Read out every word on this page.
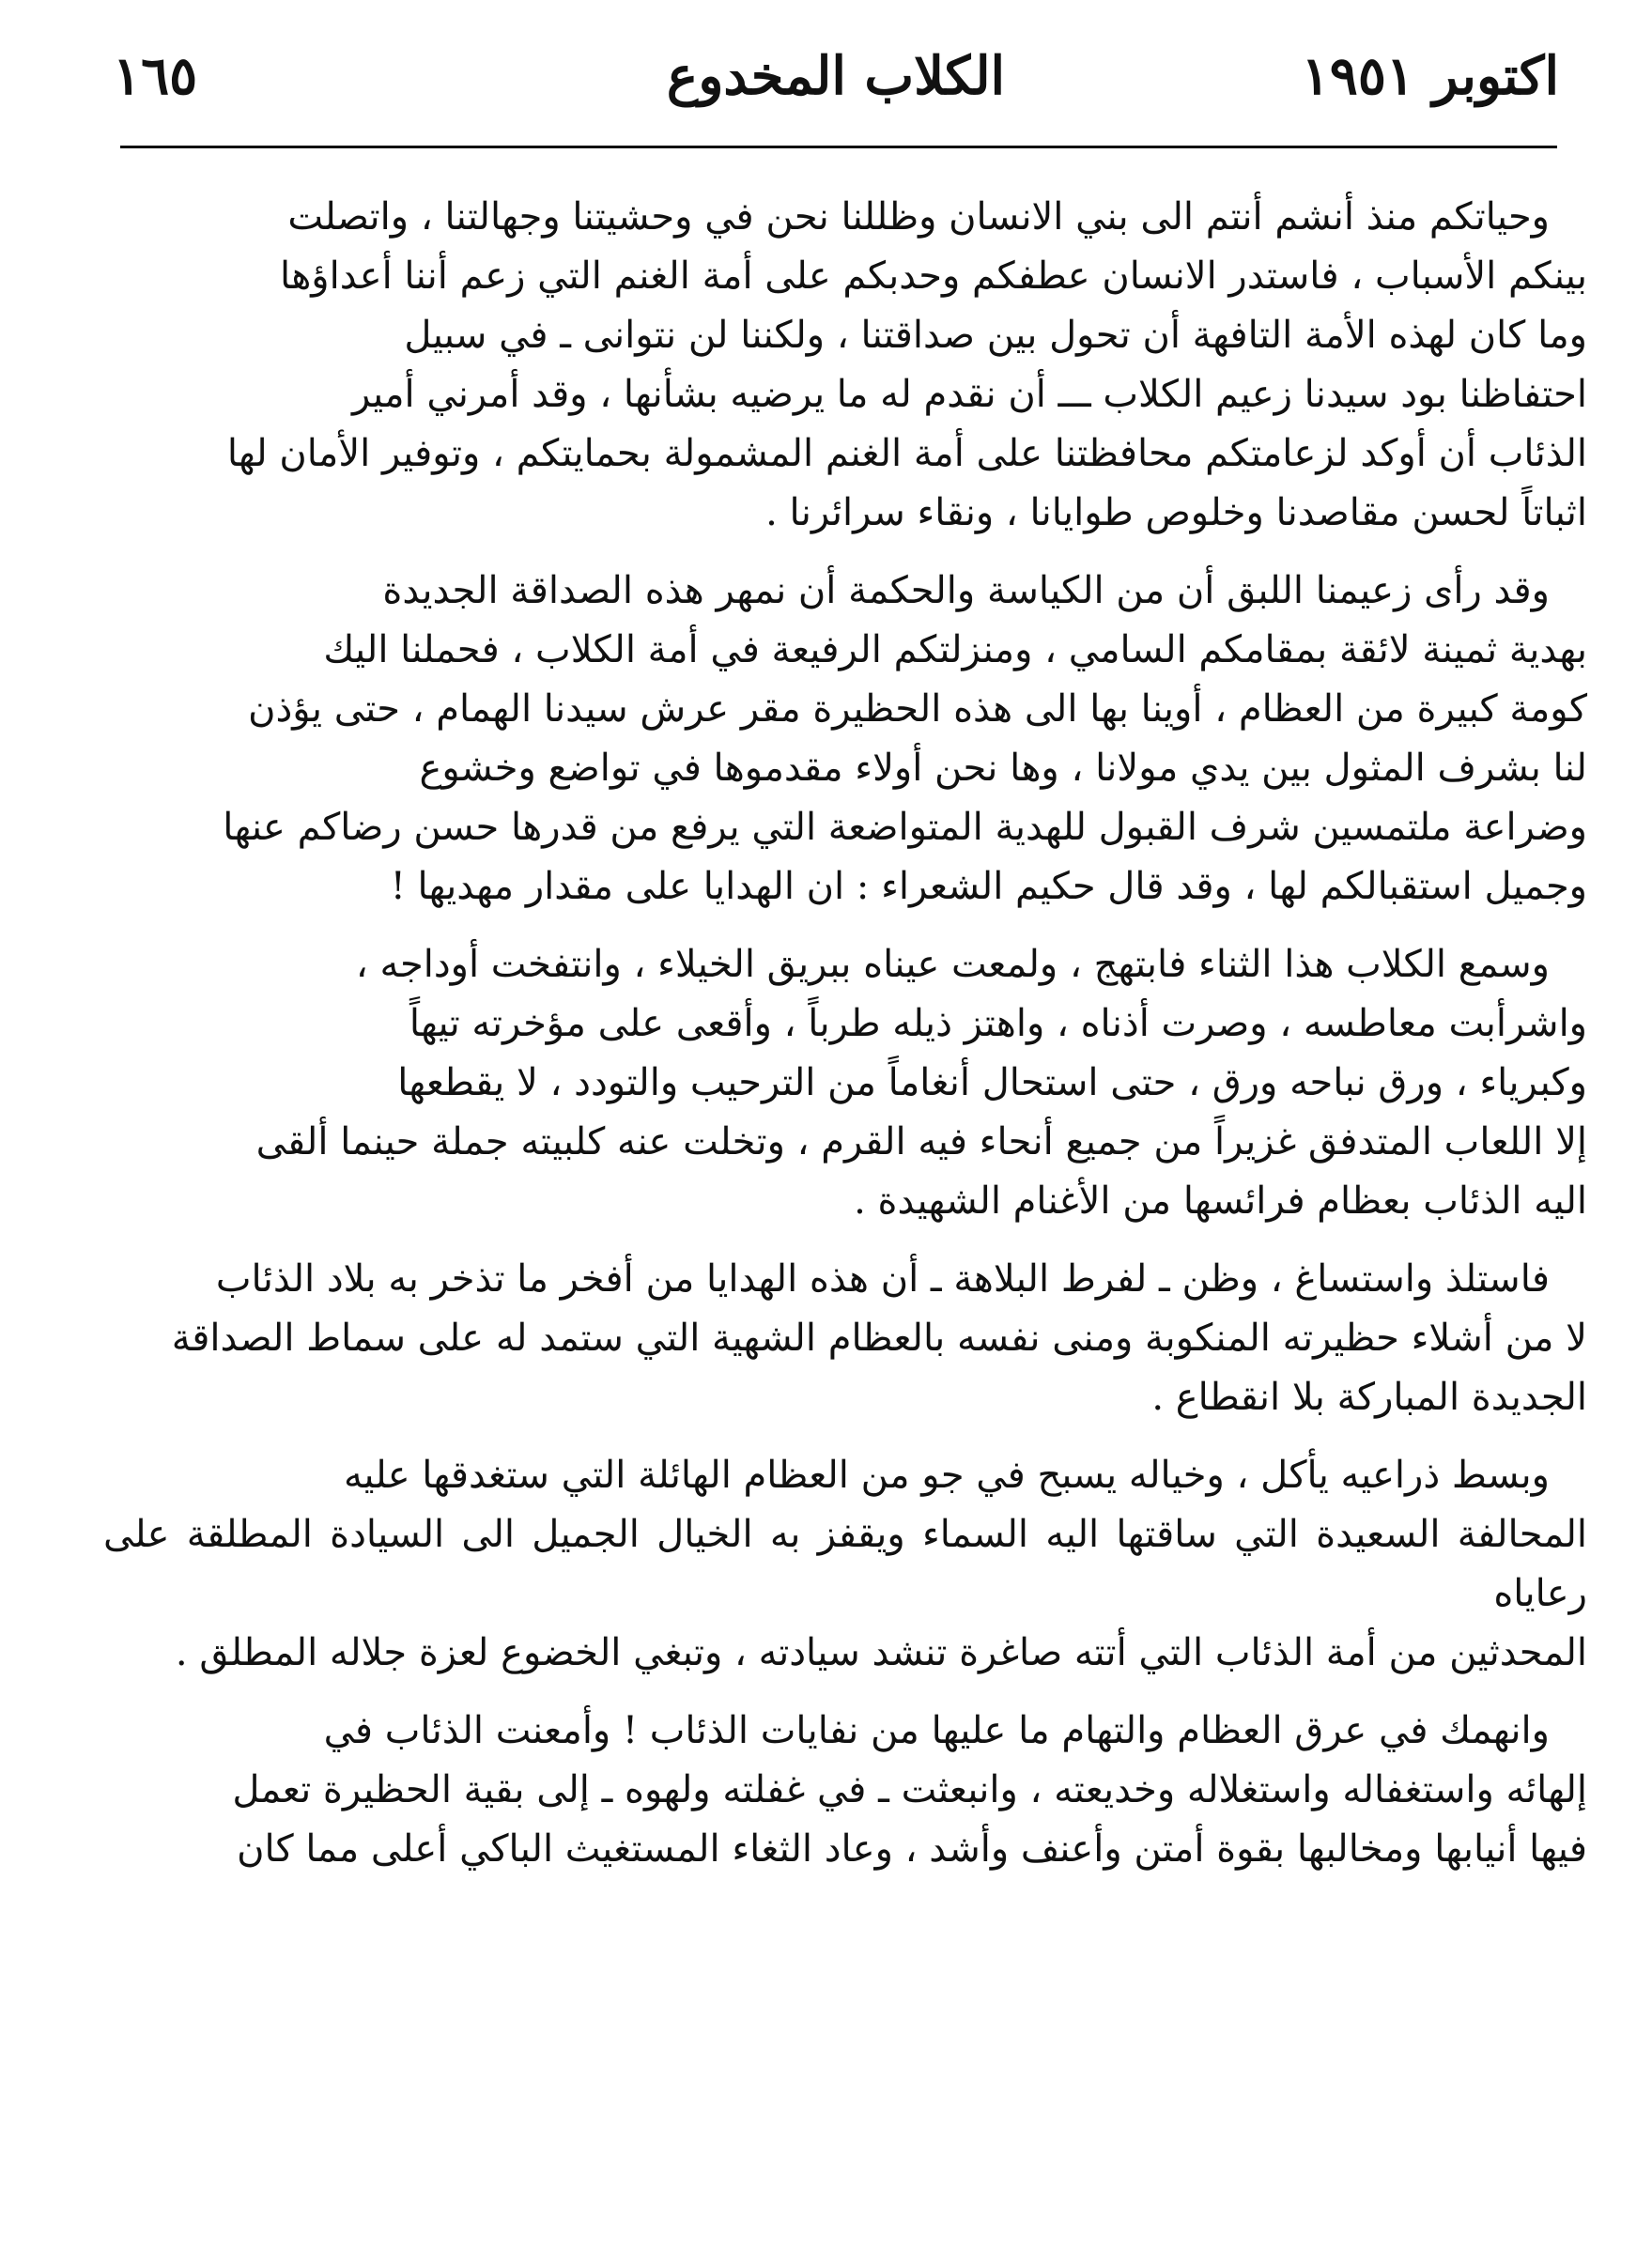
اكتوبر ١٩٥١
الكلاب المخدوع
١٦٥

وحياتكم منذ أنشم أنتم الى بني الانسان وظللنا نحن في وحشيتنا وجهالتنا ، واتصلت
بينكم الأسباب ، فاستدر الانسان عطفكم وحدبكم على أمة الغنم التي زعم أننا أعداؤها
وما كان لهذه الأمة التافهة أن تحول بين صداقتنا ، ولكننا لن نتوانى ـ في سبيل
احتفاظنا بود سيدنا زعيم الكلاب ـــ أن نقدم له ما يرضيه بشأنها ، وقد أمرني أمير
الذئاب أن أوكد لزعامتكم محافظتنا على أمة الغنم المشمولة بحمايتكم ، وتوفير الأمان لها
اثباتاً لحسن مقاصدنا وخلوص طوايانا ، ونقاء سرائرنا .

وقد رأى زعيمنا اللبق أن من الكياسة والحكمة أن نمهر هذه الصداقة الجديدة
بهدية ثمينة لائقة بمقامكم السامي ، ومنزلتكم الرفيعة في أمة الكلاب ، فحملنا اليك
كومة كبيرة من العظام ، أوينا بها الى هذه الحظيرة مقر عرش سيدنا الهمام ، حتى يؤذن
لنا بشرف المثول بين يدي مولانا ، وها نحن أولاء مقدموها في تواضع وخشوع
وضراعة ملتمسين شرف القبول للهدية المتواضعة التي يرفع من قدرها حسن رضاكم عنها
وجميل استقبالكم لها ، وقد قال حكيم الشعراء : ان الهدايا على مقدار مهديها !

وسمع الكلاب هذا الثناء فابتهج ، ولمعت عيناه ببريق الخيلاء ، وانتفخت أوداجه ،
واشرأبت معاطسه ، وصرت أذناه ، واهتز ذيله طرباً ، وأقعى على مؤخرته تيهاً
وكبرياء ، ورق نباحه ورق ، حتى استحال أنغاماً من الترحيب والتودد ، لا يقطعها
إلا اللعاب المتدفق غزيراً من جميع أنحاء فيه القرم ، وتخلت عنه كلبيته جملة حينما ألقى
اليه الذئاب بعظام فرائسها من الأغنام الشهيدة .

فاستلذ واستساغ ، وظن ـ لفرط البلاهة ـ أن هذه الهدايا من أفخر ما تذخر به بلاد الذئاب
لا من أشلاء حظيرته المنكوبة ومنى نفسه بالعظام الشهية التي ستمد له على سماط الصداقة
الجديدة المباركة بلا انقطاع .

وبسط ذراعيه يأكل ، وخياله يسبح في جو من العظام الهائلة التي ستغدقها عليه
المحالفة السعيدة التي ساقتها اليه السماء ويقفز به الخيال الجميل الى السيادة المطلقة على رعاياه
المحدثين من أمة الذئاب التي أتته صاغرة تنشد سيادته ، وتبغي الخضوع لعزة جلاله المطلق .

وانهمك في عرق العظام والتهام ما عليها من نفايات الذئاب ! وأمعنت الذئاب في
إلهائه واستغفاله واستغلاله وخديعته ، وانبعثت ـ في غفلته ولهوه ـ إلى بقية الحظيرة تعمل
فيها أنيابها ومخالبها بقوة أمتن وأعنف وأشد ، وعاد الثغاء المستغيث الباكي أعلى مما كان
